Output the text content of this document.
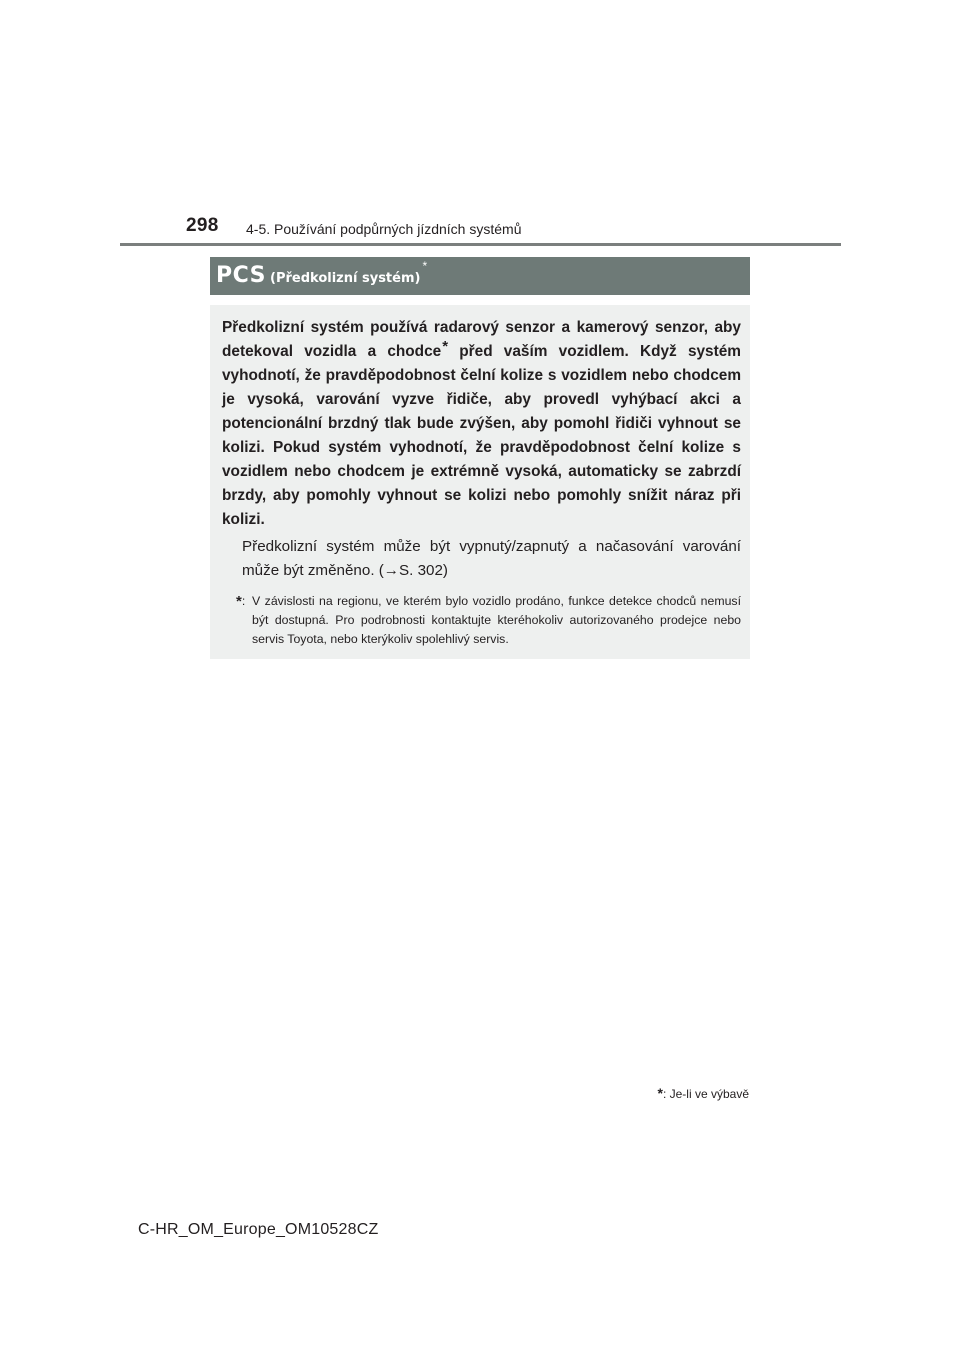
298 4-5. Používání podpůrných jízdních systémů
PCS (Předkolizní systém)
*

Předkolizní systém používá radarový senzor a kamerový senzor, aby detekoval vozidla a chodce* před vaším vozidlem. Když systém vyhodnotí, že pravděpodobnost čelní kolize s vozidlem nebo chodcem je vysoká, varování vyzve řidiče, aby provedl vyhýbací akci a potencionální brzdný tlak bude zvýšen, aby pomohl řidiči vyhnout se kolizi. Pokud systém vyhodnotí, že pravděpodobnost čelní kolize s vozidlem nebo chodcem je extrémně vysoká, automaticky se zabrzdí brzdy, aby pomohly vyhnout se kolizi nebo pomohly snížit náraz při kolizi.

Předkolizní systém může být vypnutý/zapnutý a načasování varování může být změněno. (→S. 302)

*: V závislosti na regionu, ve kterém bylo vozidlo prodáno, funkce detekce chodců nemusí být dostupná. Pro podrobnosti kontaktujte kteréhokoliv autorizovaného prodejce nebo servis Toyota, nebo kterýkoliv spolehlivý servis.
*: Je-li ve výbavě
C-HR_OM_Europe_OM10528CZ
